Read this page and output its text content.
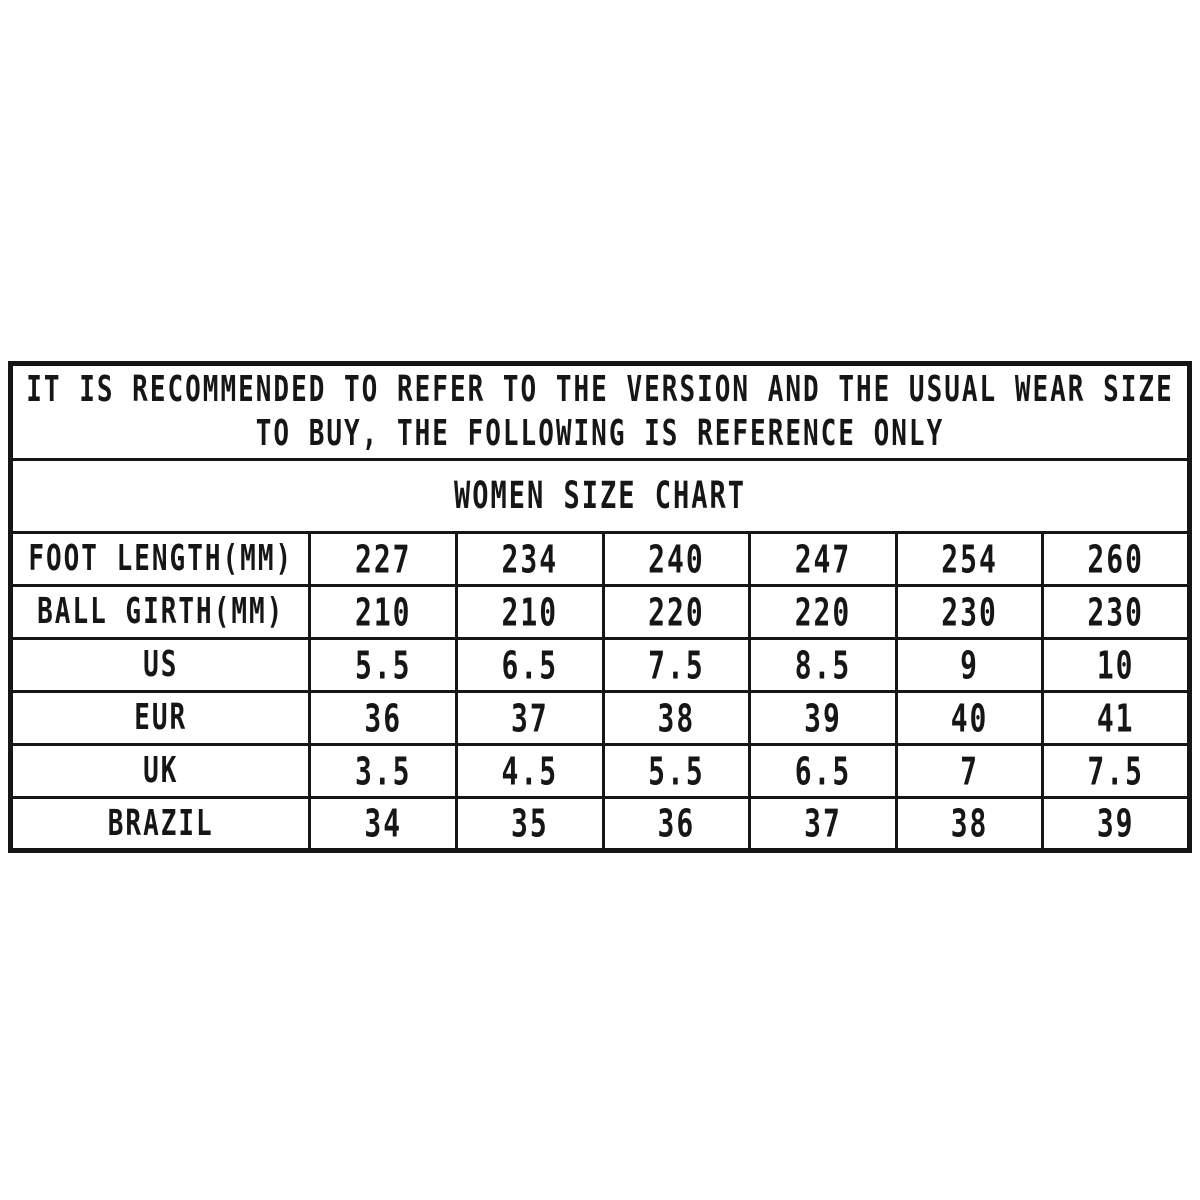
IT IS RECOMMENDED TO REFER TO THE VERSION AND THE USUAL WEAR SIZE
TO BUY, THE FOLLOWING IS REFERENCE ONLY						

WOMEN SIZE CHART						
FOOT LENGTH(MM)	227	234	240	247	254	260
BALL GIRTH(MM)	210	210	220	220	230	230
US	5.5	6.5	7.5	8.5	9	10
EUR	36	37	38	39	40	41
UK	3.5	4.5	5.5	6.5	7	7.5
BRAZIL	34	35	36	37	38	39
